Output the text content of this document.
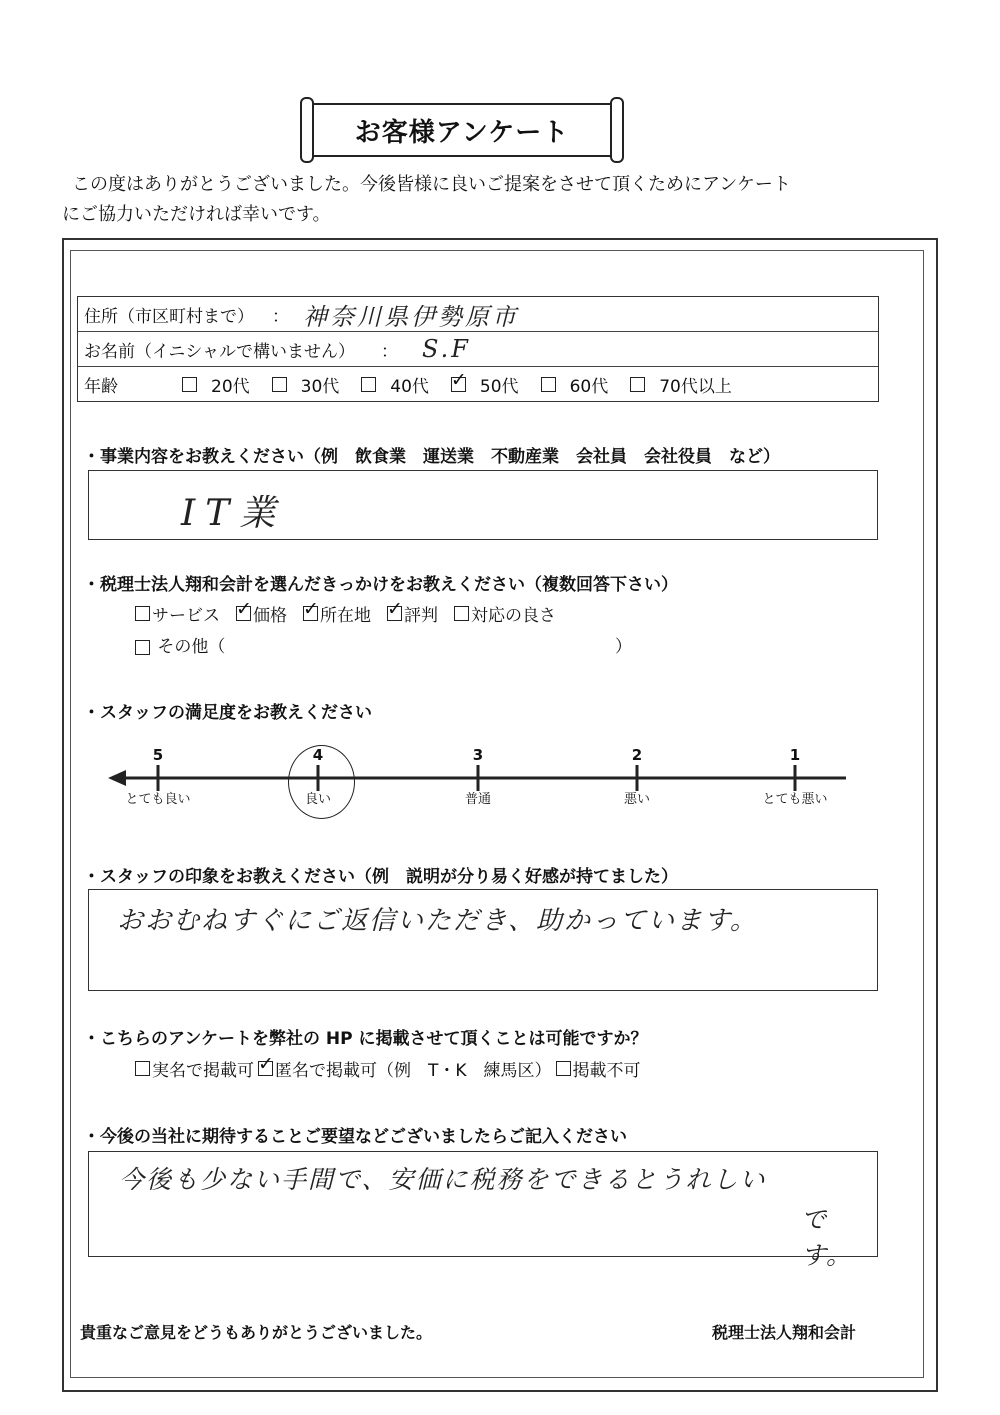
お客様アンケート
この度はありがとうございました。今後皆様に良いご提案をさせて頂くためにアンケート
にご協力いただければ幸いです。
住所（市区町村まで） ： 神奈川県伊勢原市
お名前（イニシャルで構いません） ： S.F
年齢	20代	30代	40代 ✓	50代	60代	70代以上
・事業内容をお教えください（例　飲食業　運送業　不動産業　会社員　会社役員　など）
IT業
・税理士法人翔和会計を選んだきっかけをお教えください（複数回答下さい）
サービス ✓ 価格 ✓ 所在地 ✓ 評判 対応の良さ
その他（	）
・スタッフの満足度をお教えください
5
とても良い
4
良い
3
普通
2
悪い
1
とても悪い
・スタッフの印象をお教えください（例　説明が分り易く好感が持てました）
おおむねすぐにご返信いただき、助かっています。
・こちらのアンケートを弊社の HP に掲載させて頂くことは可能ですか？
実名で掲載可 ✓ 匿名で掲載可（例　T・K　練馬区） 掲載不可
・今後の当社に期待することご要望などございましたらご記入ください
今後も少ない手間で、安価に税務をできるとうれしい
です。
貴重なご意見をどうもありがとうございました。	税理士法人翔和会計
